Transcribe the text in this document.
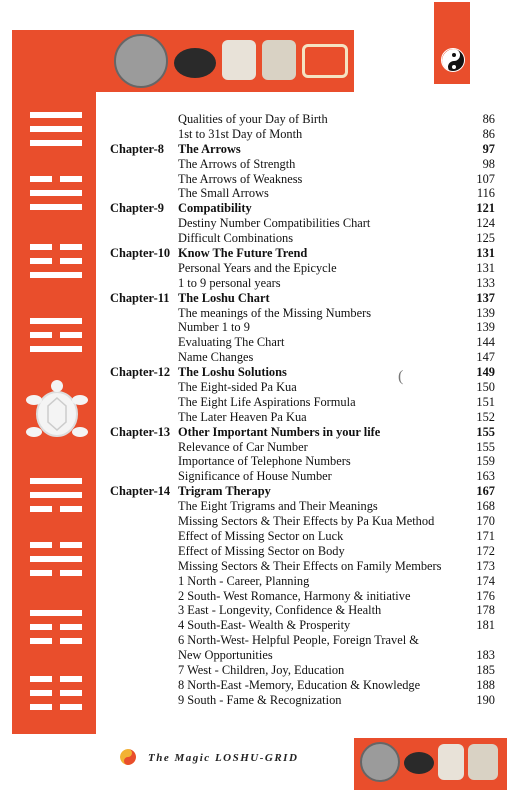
(
Qualities of your Day of Birth	86
1st to 31st Day of Month	86
Chapter-8 The Arrows	97
The Arrows of Strength	98
The Arrows of Weakness	107
The Small Arrows	116
Chapter-9 Compatibility	121
Destiny Number Compatibilities Chart	124
Difficult Combinations	125
Chapter-10 Know The Future Trend	131
Personal Years and the Epicycle	131
1 to 9 personal years	133
Chapter-11 The Loshu Chart	137
The meanings of the Missing Numbers	139
Number 1 to 9	139
Evaluating The Chart	144
Name Changes	147
Chapter-12 The Loshu Solutions	149
The Eight-sided Pa Kua	150
The Eight Life Aspirations Formula	151
The Later Heaven Pa Kua	152
Chapter-13 Other Important Numbers in your life	155
Relevance of Car Number	155
Importance of Telephone Numbers	159
Significance of House Number	163
Chapter-14 Trigram Therapy	167
The Eight Trigrams and Their Meanings	168
Missing Sectors & Their Effects by Pa Kua Method	170
Effect of Missing Sector on Luck	171
Effect of Missing Sector on Body	172
Missing Sectors & Their Effects on Family Members	173
1 North - Career, Planning	174
2 South- West Romance, Harmony & initiative	176
3 East - Longevity, Confidence & Health	178
4 South-East- Wealth & Prosperity	181
6 North-West- Helpful People, Foreign Travel &
New Opportunities	183
7 West - Children, Joy, Education	185
8 North-East -Memory, Education & Knowledge	188
9 South - Fame & Recognization	190
The Magic LOSHU-GRID
